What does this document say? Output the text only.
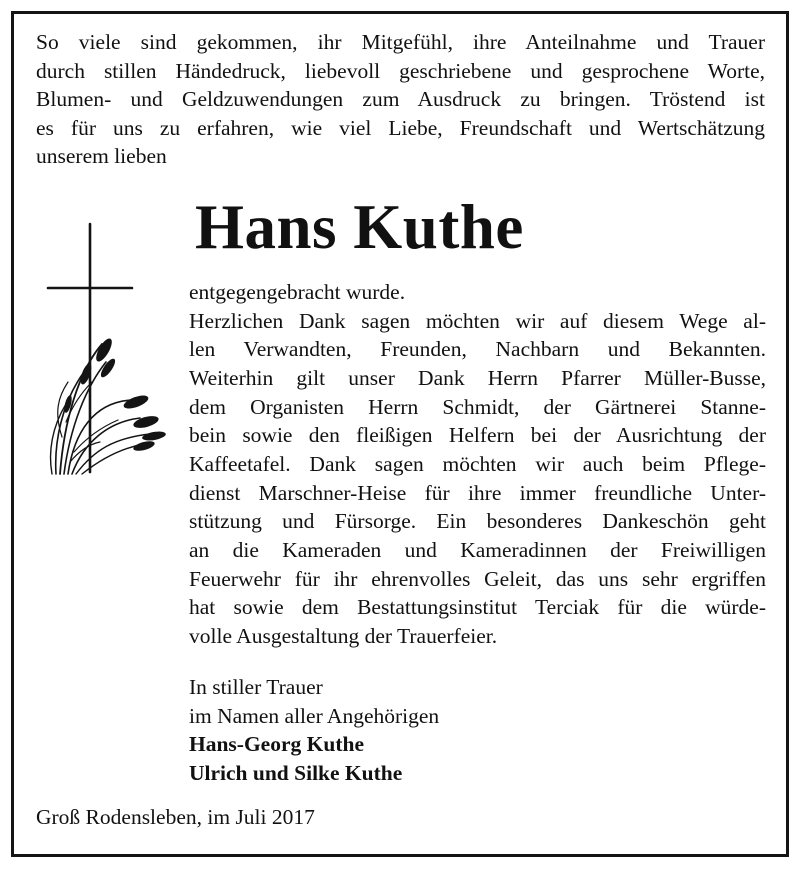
So viele sind gekommen, ihr Mitgefühl, ihre Anteilnahme und Trauer

durch stillen Händedruck, liebevoll geschriebene und gesprochene Worte,

Blumen- und Geldzuwendungen zum Ausdruck zu bringen. Tröstend ist

es für uns zu erfahren, wie viel Liebe, Freundschaft und Wertschätzung

unserem lieben

Hans Kuthe

entgegengebracht wurde.

Herzlichen Dank sagen möchten wir auf diesem Wege al-

len Verwandten, Freunden, Nachbarn und Bekannten.

Weiterhin gilt unser Dank Herrn Pfarrer Müller-Busse,

dem Organisten Herrn Schmidt, der Gärtnerei Stanne-

bein sowie den fleißigen Helfern bei der Ausrichtung der

Kaffeetafel. Dank sagen möchten wir auch beim Pflege-

dienst Marschner-Heise für ihre immer freundliche Unter-

stützung und Fürsorge. Ein besonderes Dankeschön geht

an die Kameraden und Kameradinnen der Freiwilligen

Feuerwehr für ihr ehrenvolles Geleit, das uns sehr ergriffen

hat sowie dem Bestattungsinstitut Terciak für die würde-

volle Ausgestaltung der Trauerfeier.

In stiller Trauer
im Namen aller Angehörigen
Hans-Georg Kuthe
Ulrich und Silke Kuthe
Groß Rodensleben, im Juli 2017
